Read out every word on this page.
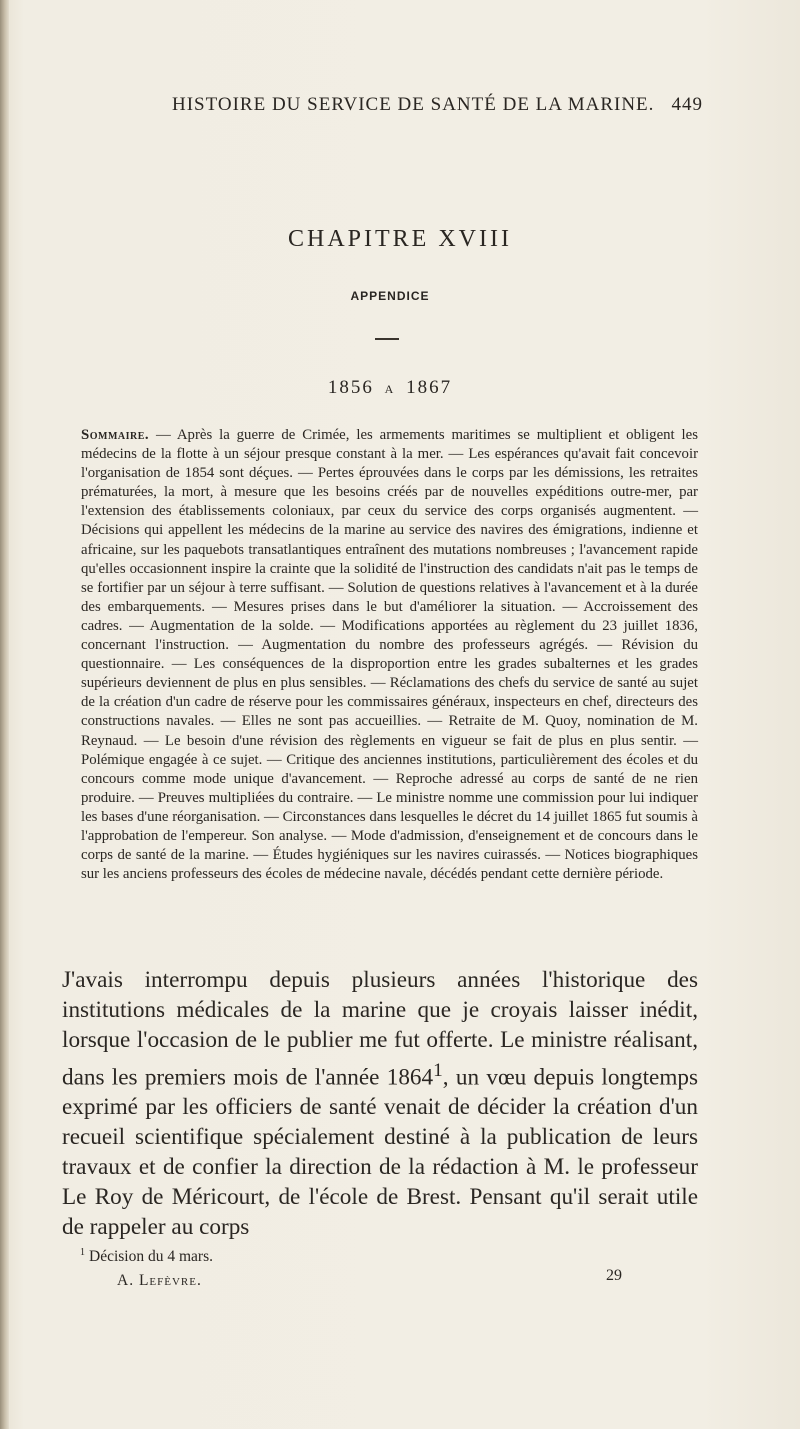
HISTOIRE DU SERVICE DE SANTÉ DE LA MARINE. 449
CHAPITRE XVIII
APPENDICE
1856 A 1867
Sommaire. — Après la guerre de Crimée, les armements maritimes se multiplient et obligent les médecins de la flotte à un séjour presque constant à la mer. — Les espérances qu'avait fait concevoir l'organisation de 1854 sont déçues. — Pertes éprouvées dans le corps par les démissions, les retraites prématurées, la mort, à mesure que les besoins créés par de nouvelles expéditions outre-mer, par l'extension des établissements coloniaux, par ceux du service des corps organisés augmentent. — Décisions qui appellent les médecins de la marine au service des navires des émigrations, indienne et africaine, sur les paquebots transatlantiques entraînent des mutations nombreuses ; l'avancement rapide qu'elles occasionnent inspire la crainte que la solidité de l'instruction des candidats n'ait pas le temps de se fortifier par un séjour à terre suffisant. — Solution de questions relatives à l'avancement et à la durée des embarquements. — Mesures prises dans le but d'améliorer la situation. — Accroissement des cadres. — Augmentation de la solde. — Modifications apportées au règlement du 23 juillet 1836, concernant l'instruction. — Augmentation du nombre des professeurs agrégés. — Révision du questionnaire. — Les conséquences de la disproportion entre les grades subalternes et les grades supérieurs deviennent de plus en plus sensibles. — Réclamations des chefs du service de santé au sujet de la création d'un cadre de réserve pour les commissaires généraux, inspecteurs en chef, directeurs des constructions navales. — Elles ne sont pas accueillies. — Retraite de M. Quoy, nomination de M. Reynaud. — Le besoin d'une révision des règlements en vigueur se fait de plus en plus sentir. — Polémique engagée à ce sujet. — Critique des anciennes institutions, particulièrement des écoles et du concours comme mode unique d'avancement. — Reproche adressé au corps de santé de ne rien produire. — Preuves multipliées du contraire. — Le ministre nomme une commission pour lui indiquer les bases d'une réorganisation. — Circonstances dans lesquelles le décret du 14 juillet 1865 fut soumis à l'approbation de l'empereur. Son analyse. — Mode d'admission, d'enseignement et de concours dans le corps de santé de la marine. — Études hygiéniques sur les navires cuirassés. — Notices biographiques sur les anciens professeurs des écoles de médecine navale, décédés pendant cette dernière période.
J'avais interrompu depuis plusieurs années l'historique des institutions médicales de la marine que je croyais laisser inédit, lorsque l'occasion de le publier me fut offerte. Le ministre réalisant, dans les premiers mois de l'année 1864$^1$, un vœu depuis longtemps exprimé par les officiers de santé venait de décider la création d'un recueil scientifique spécialement destiné à la publication de leurs travaux et de confier la direction de la rédaction à M. le professeur Le Roy de Méricourt, de l'école de Brest. Pensant qu'il serait utile de rappeler au corps
$^1$ Décision du 4 mars.
A. Lefèvre.	29
